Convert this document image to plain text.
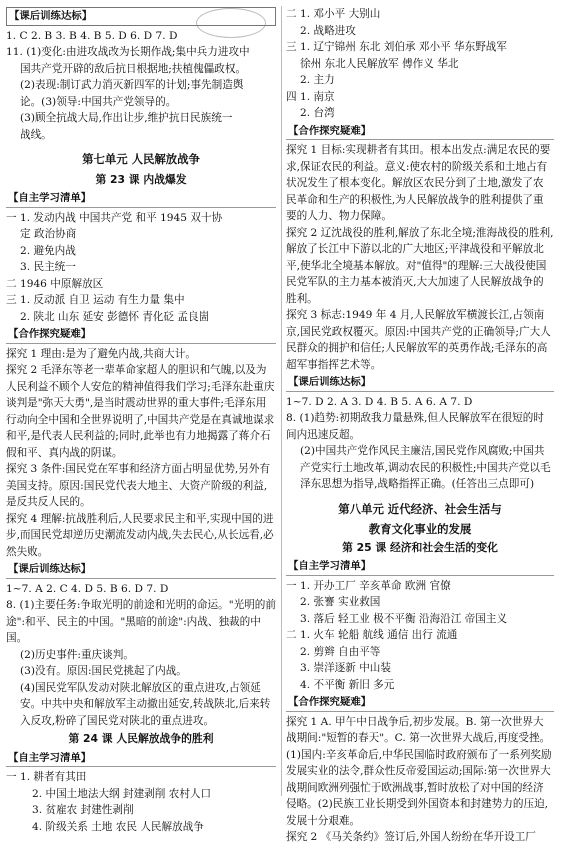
【课后训练达标】
1. C 2. B 3. B 4. B 5. D 6. D 7. D
11. (1)变化:由进攻战改为长期作战;集中兵力进攻中
国共产党开辟的敌后抗日根据地;扶植傀儡政权。
(2)表现:制订武力消灭新四军的计划;事先制造舆
论。(3)领导:中国共产党领导的。
(3)顾全抗战大局,作出让步,维护抗日民族统一
战线。
第七单元 人民解放战争
第 23 课 内战爆发
【自主学习清单】
一 1. 发动内战 中国共产党 和平 1945 双十协
定 政治协商
2. 避免内战
3. 民主统一
二 1946 中原解放区
三 1. 反动派 自卫 运动 有生力量 集中
2. 陕北 山东 延安 彭德怀 青化砭 孟良崮
【合作探究疑难】
探究 1 理由:是为了避免内战,共商大计。
探究 2 毛泽东等老一辈革命家超人的胆识和气魄,以及为人民利益不顾个人安危的精神值得我们学习;毛泽东赴重庆谈判是"弥天大勇",是当时震动世界的重大事件;毛泽东用行动向全中国和全世界说明了,中国共产党是在真诚地谋求和平,是代表人民利益的;同时,此举也有力地揭露了蒋介石假和平、真内战的阴谋。
探究 3 条件:国民党在军事和经济方面占明显优势,另外有美国支持。原因:国民党代表大地主、大资产阶级的利益,是反共反人民的。
探究 4 理解:抗战胜利后,人民要求民主和平,实现中国的进步,而国民党却逆历史潮流发动内战,失去民心,从长远看,必然失败。
【课后训练达标】
1~7. A 2. C 4. D 5. B 6. D 7. D
8. (1)主要任务:争取光明的前途和光明的命运。"光明的前途":和平、民主的中国。"黑暗的前途":内战、独裁的中国。
(2)历史事件:重庆谈判。
(3)没有。原因:国民党挑起了内战。
(4)国民党军队发动对陕北解放区的重点进攻,占领延安。中共中央和解放军主动撤出延安,转战陕北,后来转入反攻,粉碎了国民党对陕北的重点进攻。
第 24 课 人民解放战争的胜利
【自主学习清单】
一 1. 耕者有其田
2. 中国土地法大纲 封建剥削 农村人口
3. 贫雇农 封建性剥削
4. 阶级关系 土地 农民 人民解放战争
二 1. 邓小平 大别山
2. 战略进攻
三 1. 辽宁锦州 东北 刘伯承 邓小平 华东野战军
徐州 东北人民解放军 傅作义 华北
2. 主力
四 1. 南京
2. 台湾
【合作探究疑难】
探究 1 目标:实现耕者有其田。根本出发点:满足农民的要求,保证农民的利益。意义:使农村的阶级关系和土地占有状况发生了根本变化。解放区农民分到了土地,激发了农民革命和生产的积极性,为人民解放战争的胜利提供了重要的人力、物力保障。
探究 2 辽沈战役的胜利,解放了东北全境;淮海战役的胜利,解放了长江中下游以北的广大地区;平津战役和平解放北平,使华北全境基本解放。对"值得"的理解:三大战役使国民党军队的主力基本被消灭,大大加速了人民解放战争的胜利。
探究 3 标志:1949 年 4 月,人民解放军横渡长江,占领南京,国民党政权覆灭。原因:中国共产党的正确领导;广大人民群众的拥护和信任;人民解放军的英勇作战;毛泽东的高超军事指挥艺术等。
【课后训练达标】
1~7. D 2. A 3. D 4. B 5. A 6. A 7. D
8. (1)趋势:初期敌我力量悬殊,但人民解放军在很短的时间内迅速反超。
(2)中国共产党作风民主廉洁,国民党作风腐败;中国共产党实行土地改革,调动农民的积极性;中国共产党以毛泽东思想为指导,战略指挥正确。(任答出三点即可)
第八单元 近代经济、社会生活与
教育文化事业的发展
第 25 课 经济和社会生活的变化
【自主学习清单】
一 1. 开办工厂 辛亥革命 欧洲 官僚
2. 张謇 实业救国
3. 落后 轻工业 极不平衡 沿海沿江 帝国主义
二 1. 火车 轮船 航线 通信 出行 流通
2. 剪辫 自由平等
3. 崇洋逐新 中山装
4. 不平衡 新旧 多元
【合作探究疑难】
探究 1 A. 甲午中日战争后,初步发展。B. 第一次世界大战期间:"短暂的春天"。C. 第一次世界大战后,再度受挫。
(1)国内:辛亥革命后,中华民国临时政府颁布了一系列奖励发展实业的法令,群众性反帝爱国运动;国际:第一次世界大战期间欧洲列强忙于欧洲战事,暂时放松了对中国的经济侵略。(2)民族工业长期受到外国资本和封建势力的压迫,发展十分艰难。
探究 2 《马关条约》签订后,外国人纷纷在华开设工厂
